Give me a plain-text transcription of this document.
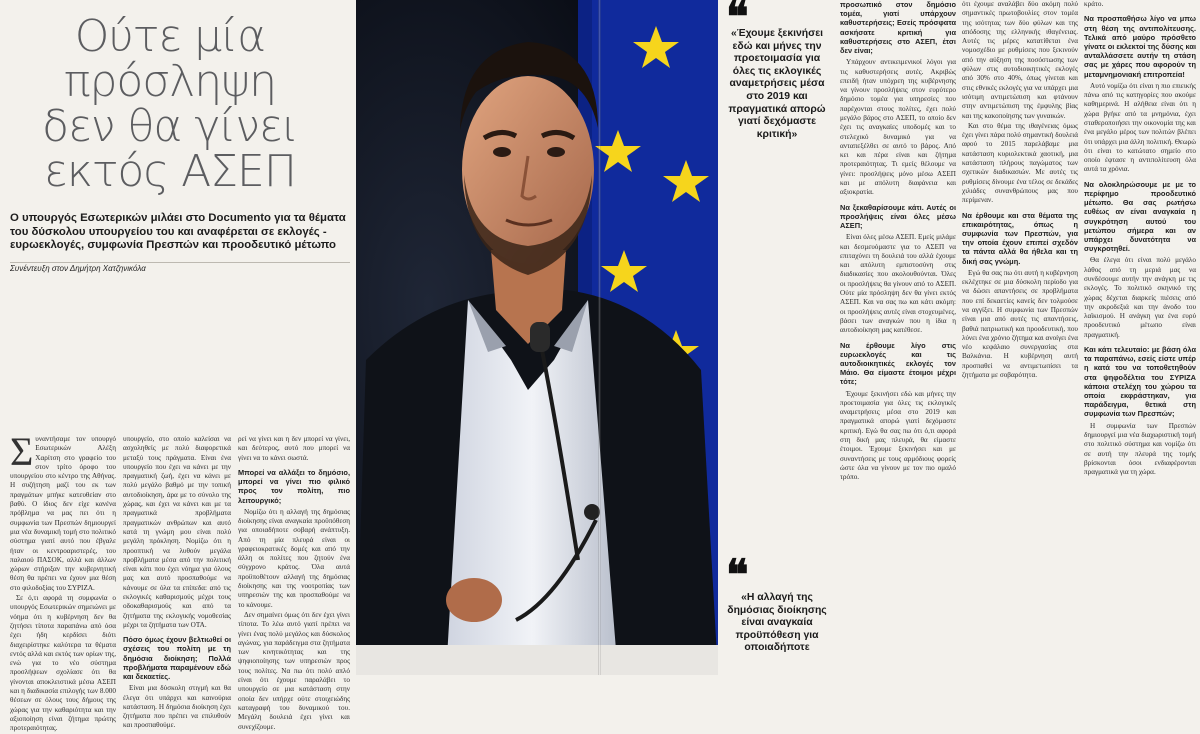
Ούτε μία
πρόσληψη
δεν θα γίνει
εκτός ΑΣΕΠ
Ο υπουργός Εσωτερικών μιλάει στο Documento για τα θέματα του δύσκολου υπουργείου του και αναφέρεται σε εκλογές - ευρωεκλογές, συμφωνία Πρεσπών και προοδευτικό μέτωπο
Συνέντευξη στον Δημήτρη Χατζηνικόλα

Συναντήσαμε τον υπουργό Εσωτερικών Αλέξη Χαρίτση στο γραφείο του στον τρίτο όροφο του υπουργείου στο κέντρο της Αθήνας. Η συζήτηση μαζί του εκ των πραγμάτων μπήκε κατευθείαν στο βαθύ. Ο ίδιος δεν είχε κανένα πρόβλημα να μας πει ότι η συμφωνία των Πρεσπών δημιουργεί μια νέα δυναμική τομή στο πολιτικό σύστημα γιατί αυτό που έβγαλε ήταν οι κεντροαριστερές, του παλαιού ΠΑΣΟΚ, αλλά και άλλων χώρων στήριξαν την κυβερνητική θέση θα πρέπει να έχουν μια θέση στο φιλοδοξίας του ΣΥΡΙΖΑ.

Σε ό,τι αφορά τη συμφωνία ο υπουργός Εσωτερικών σημειώνει με νόημα ότι η κυβέρνηση δεν θα ζητήσει τίποτα παραπάνω από όσα έχει ήδη κερδίσει διότι διαχειρίστηκε καλύτερα τα θέματα εντός αλλά και εκτός των ορίων της, ενώ για το νέο σύστημα προσλήψεων σχολίασε ότι θα γίνονται αποκλειστικά μέσω ΑΣΕΠ και η διαδικασία επιλογής των 8.000 θέσεων σε όλους τους δήμους της χώρας για την καθαριότητα και την αξιοποίηση είναι ζήτημα πρώτης προτεραιότητας.

υπουργείο, στο οποίο καλείσαι να ασχοληθείς με πολύ διαφορετικά μεταξύ τους πράγματα. Είναι ένα υπουργείο που έχει να κάνει με την πραγματική ζωή, έχει να κάνει με πολύ μεγάλο βαθμό με την τοπική αυτοδιοίκηση, άρα με το σύνολο της χώρας, και έχει να κάνει και με τα πραγματικά προβλήματα πραγματικών ανθρώπων και αυτό κατά τη γνώμη μου είναι πολύ μεγάλη πρόκληση. Νομίζω ότι η προοπτική να λυθούν μεγάλα προβλήματα μέσα από την πολιτική είναι κάτι που έχει νόημα για όλους μας και αυτό προσπαθούμε να κάνουμε σε όλα τα επίπεδα: από τις εκλογικές καθαρισμούς μέχρι τους οδοκαθαρισμούς και από τα ζητήματα της εκλογικής νομοθεσίας μέχρι τα ζητήματα των ΟΤΑ.

Πόσο όμως έχουν βελτιωθεί οι σχέσεις του πολίτη με τη δημόσια διοίκηση; Πολλά προβλήματα παραμένουν εδώ και δεκαετίες.

Είναι μια δύσκολη στιγμή και θα έλεγα ότι υπάρχει και καινούρια κατάσταση. Η δημόσια διοίκηση έχει ζητήματα που πρέπει να επιλυθούν και προσπαθούμε.

ρεί να γίνει και η δεν μπορεί να γίνει, και δεύτερος, αυτό που μπορεί να γίνει να το κάνει σωστά.

Μπορεί να αλλάξει το δημόσιο, μπορεί να γίνει πιο φιλικό προς τον πολίτη, πιο λειτουργικό;

Νομίζω ότι η αλλαγή της δημόσιας διοίκησης είναι αναγκαία προϋπόθεση για οποιαδήποτε σοβαρή ανάπτυξη. Από τη μία πλευρά είναι οι γραφειοκρατικές δομές και από την άλλη οι πολίτες που ζητούν ένα σύγχρονο κράτος. Όλα αυτά προϋποθέτουν αλλαγή της δημόσιας διοίκησης και της νοοτροπίας των υπηρεσιών της και προσπαθούμε να το κάνουμε.

Δεν σημαίνει όμως ότι δεν έχει γίνει τίποτα. Το λέω αυτό γιατί πρέπει να γίνει ένας πολύ μεγάλος και δύσκολος αγώνας, για παράδειγμα στα ζητήματα των κινητικότητας και της ψηφιοποίησης των υπηρεσιών προς τους πολίτες. Να πω ότι πολύ απλό είναι ότι έχουμε παραλάβει το υπουργείο σε μια κατάσταση στην οποία δεν υπήρχε ούτε στοιχειώδης καταγραφή του δυναμικού του. Μεγάλη δουλειά έχει γίνει και συνεχίζουμε.

❝
«Έχουμε ξεκινήσει εδώ και μήνες την προετοιμασία για όλες τις εκλογικές αναμετρήσεις μέσα στο 2019 και πραγματικά απορώ γιατί δεχόμαστε κριτική»
❝
«Η αλλαγή της δημόσιας διοίκησης είναι αναγκαία προϋπόθεση για οποιαδήποτε

προσωπικό στον δημόσιο τομέα, γιατί υπάρχουν καθυστερήσεις; Εσείς πρόσφατα ασκήσατε κριτική για καθυστερήσεις στο ΑΣΕΠ, έτσι δεν είναι;

Υπάρχουν αντικειμενικοί λόγοι για τις καθυστερήσεις αυτές. Ακριβώς επειδή ήταν υπόχρεη της κυβέρνησης να γίνουν προσλήψεις στον ευρύτερο δημόσιο τομέα για υπηρεσίες που παρέχονται στους πολίτες, έχει πολύ μεγάλο βάρος στο ΑΣΕΠ, το οποίο δεν έχει τις αναγκαίες υποδομές και το στελεχικό δυναμικό για να ανταπεξέλθει σε αυτό το βάρος. Από κει και πέρα είναι και ζήτημα προτεραιότητας. Τι εμείς θέλουμε να γίνει: προσλήψεις μόνο μέσω ΑΣΕΠ και με απόλυτη διαφάνεια και αξιοκρατία.

Να ξεκαθαρίσουμε κάτι. Αυτές οι προσλήψεις είναι όλες μέσω ΑΣΕΠ;

Είναι όλες μέσω ΑΣΕΠ. Εμείς μιλάμε και δεσμευόμαστε για το ΑΣΕΠ να επιταχύνει τη δουλειά του αλλά έχουμε και απόλυτη εμπιστοσύνη στις διαδικασίες που ακολουθούνται. Όλες οι προσλήψεις θα γίνουν από το ΑΣΕΠ. Ούτε μία πρόσληψη δεν θα γίνει εκτός ΑΣΕΠ. Και να σας πω και κάτι ακόμη: οι προσλήψεις αυτές είναι στοχευμένες, βάσει των αναγκών που η ίδια η αυτοδιοίκηση μας κατέθεσε.

Να έρθουμε λίγο στις ευρωεκλογές και τις αυτοδιοικητικές εκλογές τον Μάιο. Θα είμαστε έτοιμοι μέχρι τότε;

Έχουμε ξεκινήσει εδώ και μήνες την προετοιμασία για όλες τις εκλογικές αναμετρήσεις μέσα στο 2019 και πραγματικά απορώ γιατί δεχόμαστε κριτική. Εγώ θα σας πω ότι ό,τι αφορά στη δική μας πλευρά, θα είμαστε έτοιμοι. Έχουμε ξεκινήσει και με συναντήσεις με τους αρμόδιους φορείς ώστε όλα να γίνουν με τον πιο ομαλό τρόπο.

ότι έχουμε αναλάβει δύο ακόμη πολύ σημαντικές πρωτοβουλίες στον τομέα της ισότητας των δύο φύλων και της απόδοσης της ελληνικής ιθαγένειας. Αυτές τις μέρες κατατίθεται ένα νομοσχέδιο με ρυθμίσεις που ξεκινούν από την αύξηση της ποσόστωσης των φύλων στις αυτοδιοικητικές εκλογές από 30% στο 40%, όπως γίνεται και στις εθνικές εκλογές για να υπάρχει μια ισότιμη αντιμετώπιση και φτάνουν στην αντιμετώπιση της έμφυλης βίας και της κακοποίησης των γυναικών.

Και στο θέμα της ιθαγένειας όμως έχει γίνει πάρα πολύ σημαντική δουλειά αφού το 2015 παρελάβαμε μια κατάσταση κυριολεκτικά χαοτική, μια κατάσταση πλήρους παγώματος των σχετικών διαδικασιών. Με αυτές τις ρυθμίσεις δίνουμε ένα τέλος σε δεκάδες χιλιάδες συνανθρώπους μας που περίμεναν.

Να έρθουμε και στα θέματα της επικαιρότητας, όπως η συμφωνία των Πρεσπών, για την οποία έχουν επιπεί σχεδόν τα πάντα αλλά θα ήθελα και τη δική σας γνώμη.

Εγώ θα σας πω ότι αυτή η κυβέρνηση εκλέχτηκε σε μια δύσκολη περίοδο για να δώσει απαντήσεις σε προβλήματα που επί δεκαετίες κανείς δεν τολμούσε να αγγίξει. Η συμφωνία των Πρεσπών είναι μια από αυτές τις απαντήσεις, βαθιά πατριωτική και προοδευτική, που λύνει ένα χρόνιο ζήτημα και ανοίγει ένα νέο κεφάλαιο συνεργασίας στα Βαλκάνια. Η κυβέρνηση αυτή προσπαθεί να αντιμετωπίσει τα ζητήματα με σοβαρότητα.

κράτο.

Να προσπαθήσω λίγο να μπω στη θέση της αντιπολίτευσης. Τελικά από μαύρο πρόσθετο γίνατε οι εκλεκτοί της δύσης και ανταλλάσσετε αυτήν τη στάση σας με χάρες που αφορούν τη μεταμνημονιακή επιτροπεία!

Αυτό νομίζω ότι είναι η πιο επιεικής πάνω από τις κατηγορίες που ακούμε καθημερινά. Η αλήθεια είναι ότι η χώρα βγήκε από τα μνημόνια, έχει σταθεροποιήσει την οικονομία της και ένα μεγάλο μέρος των πολιτών βλέπει ότι υπάρχει μια άλλη πολιτική. Θεωρώ ότι είναι το κατώτατο σημείο στο οποίο έφτασε η αντιπολίτευση όλα αυτά τα χρόνια.

Να ολοκληρώσουμε με με το περίφημο προοδευτικό μέτωπο. Θα σας ρωτήσω ευθέως αν είναι αναγκαία η συγκρότηση αυτού του μετώπου σήμερα και αν υπάρχει δυνατότητα να συγκροτηθεί.

Θα έλεγα ότι είναι πολύ μεγάλο λάθος από τη μεριά μας να συνδέσουμε αυτήν την ανάγκη με τις εκλογές. Το πολιτικό σκηνικό της χώρας δέχεται διαρκείς πιέσεις από την ακροδεξιά και την άνοδο του λαϊκισμού. Η ανάγκη για ένα ευρύ προοδευτικό μέτωπο είναι πραγματική.

Και κάτι τελευταίο: με βάση όλα τα παραπάνω, εσείς είστε υπέρ η κατά του να τοποθετηθούν στα ψηφοδέλτια του ΣΥΡΙΖΑ κάποια στελέχη του χώρου τα οποία εκφράστηκαν, για παράδειγμα, θετικά στη συμφωνία των Πρεσπών;

Η συμφωνία των Πρεσπών δημιουργεί μια νέα διαχωριστική τομή στο πολιτικό σύστημα και νομίζω ότι σε αυτή την πλευρά της τομής βρίσκονται όσοι ενδιαφέρονται πραγματικά για τη χώρα.
